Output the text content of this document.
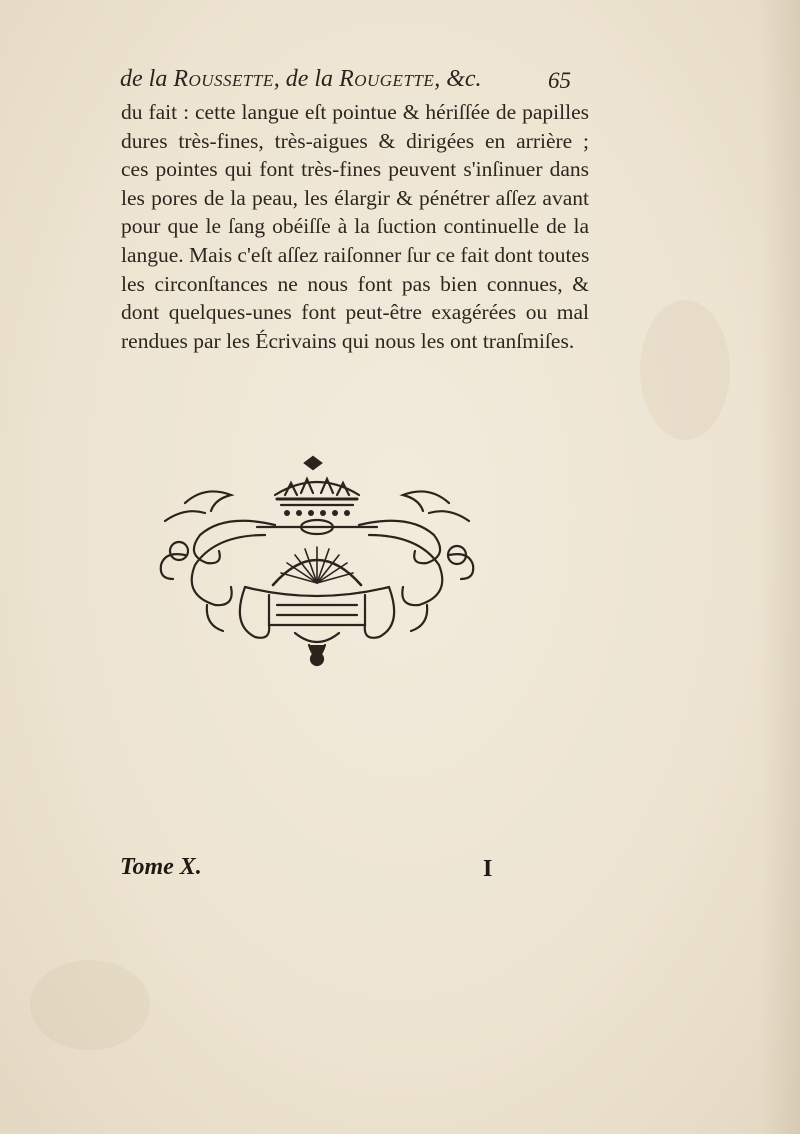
de la Roussette, de la Rougette, &c.	65
du fait : cette langue eſt pointue & hériſſée de papilles
dures très-fines, très-aigues & dirigées en arrière ;
ces pointes qui font très-fines peuvent s'inſinuer dans
les pores de la peau, les élargir & pénétrer aſſez avant
pour que le ſang obéiſſe à la ſuction continuelle de la
langue. Mais c'eſt aſſez raiſonner ſur ce fait dont toutes
les circonſtances ne nous font pas bien connues, &
dont quelques-unes font peut-être exagérées ou mal
rendues par les Écrivains qui nous les ont tranſmiſes.
Tome X.	I
